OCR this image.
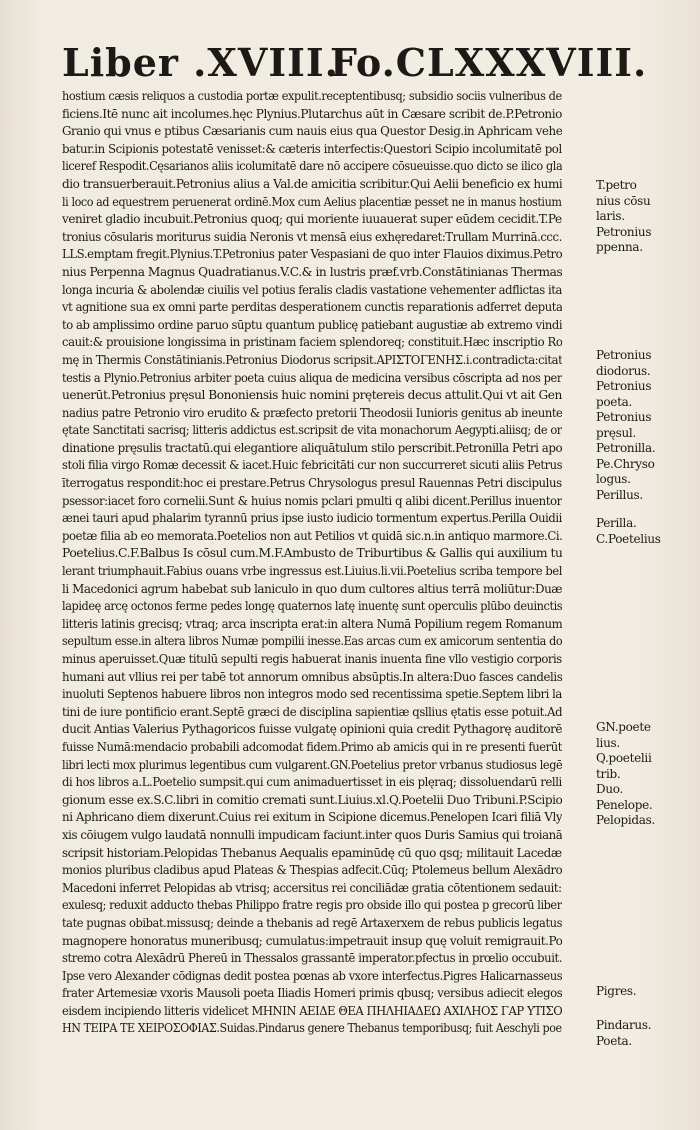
Liber .XVIII.
Fo.CLXXXVIII.
hostium cæsis reliquos a custodia portæ expulit.receptentibusq; subsidio sociis vulneribus de
ficiens.Itē nunc ait incolumes.hęc Plynius.Plutarchus aūt in Cæsare scribit de.P.Petronio
Granio qui vnus e ptibus Cæsarianis cum nauis eius qua Questor Desig.in Aphricam vehe
batur.in Scipionis potestatē venisset:& cæteris interfectis:Questori Scipio incolumitatē pol
liceref Respodit.Cęsarianos aliis icolumitatē dare nō accipere cōsueuisse.quo dicto se ilico gla
dio transuerberauit.Petronius alius a Val.de amicitia scribitur.Qui Aelii beneficio ex humi
li loco ad equestrem peruenerat ordinē.Mox cum Aelius placentiæ pesset ne in manus hostium
veniret gladio incubuit.Petronius quoq; qui moriente iuuauerat super eūdem cecidit.T.Pe
tronius cōsularis moriturus suidia Neronis vt mensā eius exhęredaret:Trullam Murrinā.ccc.
LLS.emptam fregit.Plynius.T.Petronius pater Vespasiani de quo inter Flauios diximus.Petro
nius Perpenna Magnus Quadratianus.V.C.& in lustris præf.vrb.Constātinianas Thermas
longa incuria & abolendæ ciuilis vel potius feralis cladis vastatione vehementer adflictas ita
vt agnitione sua ex omni parte perditas desperationem cunctis reparationis adferret deputa
to ab amplissimo ordine paruo sūptu quantum publicę patiebant augustiæ ab extremo vindi
cauit:& prouisione longissima in pristinam faciem splendoreq; constituit.Hæc inscriptio Ro
mę in Thermis Constātinianis.Petronius Diodorus scripsit.ΑΡΙΣΤΟΓΕΝΗΣ.i.contradicta:citat
testis a Plynio.Petronius arbiter poeta cuius aliqua de medicina versibus cōscripta ad nos per
uenerūt.Petronius pręsul Bononiensis huic nomini prętereis decus attulit.Qui vt ait Gen
nadius patre Petronio viro erudito & præfecto pretorii Theodosii Iunioris genitus ab ineunte
ętate Sanctitati sacrisq; litteris addictus est.scripsit de vita monachorum Aegypti.aliisq; de or
dinatione pręsulis tractatū.qui elegantiore aliquātulum stilo perscribit.Petronilla Petri apo
stoli filia virgo Romæ decessit & iacet.Huic febricitāti cur non succurreret sicuti aliis Petrus
īterrogatus respondit:hoc ei prestare.Petrus Chrysologus presul Rauennas Petri discipulus
psessor:iacet foro cornelii.Sunt & huius nomis pclari pmulti q alibi dicent.Perillus inuentor
ænei tauri apud phalarim tyrannū prius ipse iusto iudicio tormentum expertus.Perilla Ouidii
poetæ filia ab eo memorata.Poetelios non aut Petilios vt quidā sic.n.in antiquo marmore.Ci.
Poetelius.C.F.Balbus Is cōsul cum.M.F.Ambusto de Triburtibus & Gallis qui auxilium tu
lerant triumphauit.Fabius ouans vrbe ingressus est.Liuius.li.vii.Poetelius scriba tempore bel
li Macedonici agrum habebat sub laniculo in quo dum cultores altius terrā moliūtur:Duæ
lapideę arcę octonos ferme pedes longę quaternos latę inuentę sunt operculis plūbo deuinctis
litteris latinis grecisq; vtraq; arca inscripta erat:in altera Numā Popilium regem Romanum
sepultum esse.in altera libros Numæ pompilii inesse.Eas arcas cum ex amicorum sententia do
minus aperuisset.Quæ titulū sepulti regis habuerat inanis inuenta fine vllo vestigio corporis
humani aut vllius rei per tabē tot annorum omnibus absūptis.In altera:Duo fasces candelis
inuoluti Septenos habuere libros non integros modo sed recentissima spetie.Septem libri la
tini de iure pontificio erant.Septē græci de disciplina sapientiæ qsllius ętatis esse potuit.Ad
ducit Antias Valerius Pythagoricos fuisse vulgatę opinioni quia credit Pythagorę auditorē
fuisse Numā:mendacio probabili adcomodat fidem.Primo ab amicis qui in re presenti fuerūt
libri lecti mox plurimus legentibus cum vulgarent.GN.Poetelius pretor vrbanus studiosus legē
di hos libros a.L.Poetelio sumpsit.qui cum animaduertisset in eis plęraq; dissoluendarū relli
gionum esse ex.S.C.libri in comitio cremati sunt.Liuius.xl.Q.Poetelii Duo Tribuni.P.Scipio
ni Aphricano diem dixerunt.Cuius rei exitum in Scipione dicemus.Penelopen Icari filiā Vly
xis cōiugem vulgo laudatā nonnulli impudicam faciunt.inter quos Duris Samius qui troianā
scripsit historiam.Pelopidas Thebanus Aequalis epaminūdę cū quo qsq; militauit Lacedæ
monios pluribus cladibus apud Plateas & Thespias adfecit.Cūq; Ptolemeus bellum Alexādro
Macedoni inferret Pelopidas ab vtrisq; accersitus rei conciliādæ gratia cōtentionem sedauit:
exulesq; reduxit adducto thebas Philippo fratre regis pro obside illo qui postea p grecorū liber
tate pugnas obibat.missusq; deinde a thebanis ad regē Artaxerxem de rebus publicis legatus
magnopere honoratus muneribusq; cumulatus:impetrauit insup quę voluit remigrauit.Po
stremo cotra Alexādrū Phereū in Thessalos grassantē imperator.pfectus in prœlio occubuit.
Ipse vero Alexander cōdignas dedit postea pœnas ab vxore interfectus.Pigres Halicarnasseus
frater Artemesiæ vxoris Mausoli poeta Iliadis Homeri primis qbusq; versibus adiecit elegos
eisdem incipiendo litteris videlicet ΜΗΝΙΝ ΑΕΙΔΕ ΘΕΑ ΠΗΛΗΙΑΔΕΩ ΑΧΙΛΗΟΣ ΓΑΡ ΥΤΙΣΟ
ΗΝ ΤΕΙΡΑ ΤΕ ΧΕΙΡΟΣΟΦΙΑΣ.Suidas.Pindarus genere Thebanus temporibusq; fuit Aeschyli poe
T.petro
nius cōsu
laris.
Petronius
ppenna.
Petronius
diodorus.
Petronius
poeta.
Petronius
pręsul.
Petronilla.
Pe.Chryso
logus.
Perillus.
Perilla.
C.Poetelius
GN.poete
lius.
Q.poetelii
trib.
Duo.
Penelope.
Pelopidas.
Pigres.
Pindarus.
Poeta.
